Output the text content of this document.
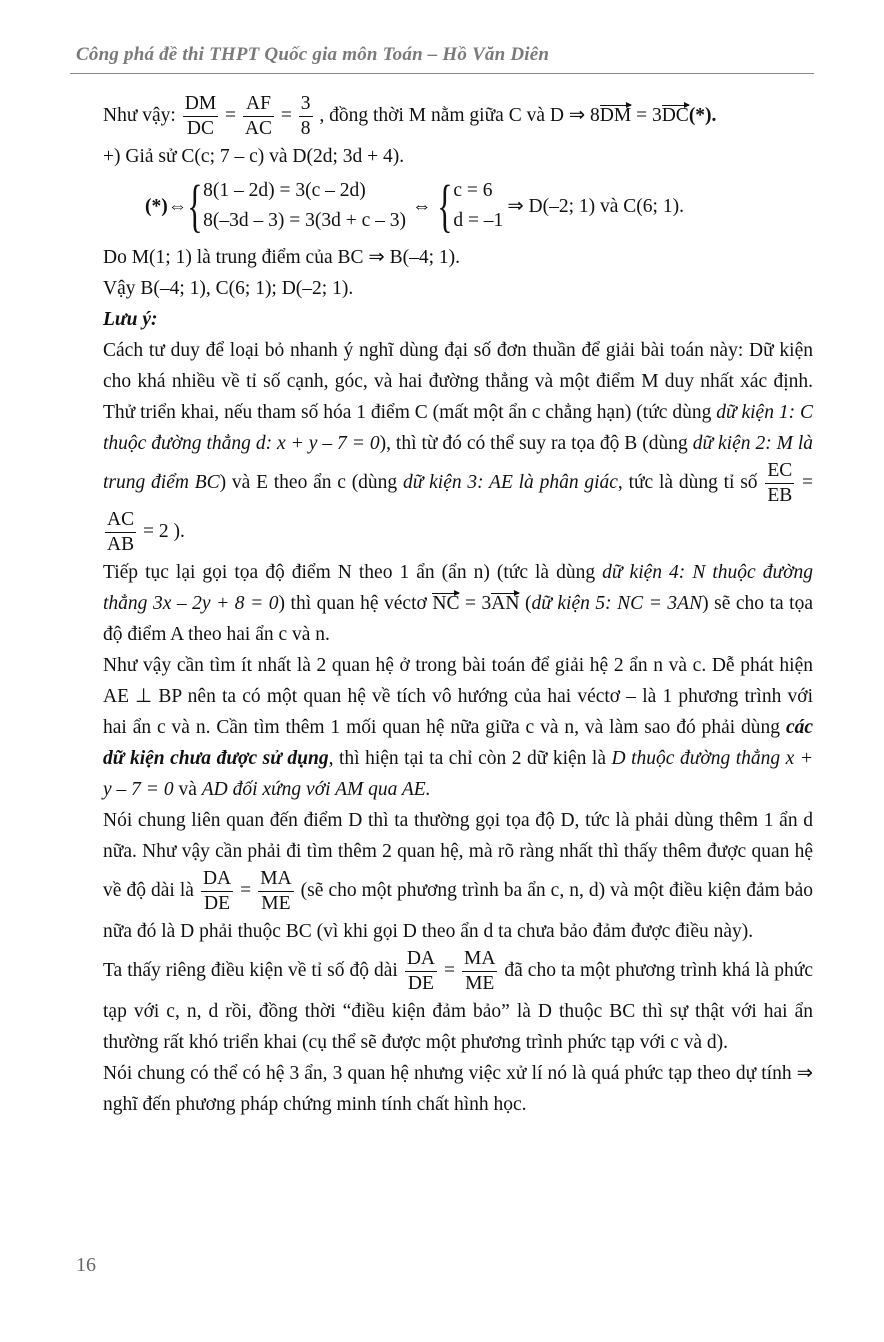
Công phá đề thi THPT Quốc gia môn Toán – Hồ Văn Diên

Như vậy: $\frac{DM}{DC} = \frac{AF}{AC} = \frac{3}{8}$ , đồng thời M nằm giữa C và D ⇒ 8DM = 3DC(*).

+) Giả sử C(c; 7 – c) và D(2d; 3d + 4).

(*)⇔ { 8(1 – 2d) = 3(c – 2d)
8(–3d – 3) = 3(3d + c – 3)
⇔ { c = 6
d = –1
⇒ D(–2; 1) và C(6; 1).

Do M(1; 1) là trung điểm của BC ⇒ B(–4; 1).

Vậy B(–4; 1), C(6; 1); D(–2; 1).

Lưu ý:

Cách tư duy để loại bỏ nhanh ý nghĩ dùng đại số đơn thuần để giải bài toán này: Dữ kiện cho khá nhiều về tỉ số cạnh, góc, và hai đường thẳng và một điểm M duy nhất xác định. Thử triển khai, nếu tham số hóa 1 điểm C (mất một ẩn c chẳng hạn) (tức dùng dữ kiện 1: C thuộc đường thẳng d: x + y – 7 = 0), thì từ đó có thể suy ra tọa độ B (dùng dữ kiện 2: M là trung điểm BC) và E theo ẩn c (dùng dữ kiện 3: AE là phân giác, tức là dùng tỉ số $\frac{EC}{EB}$ =
$\frac{AC}{AB} = 2$ ).

Tiếp tục lại gọi tọa độ điểm N theo 1 ẩn (ẩn n) (tức là dùng dữ kiện 4: N thuộc đường thẳng 3x – 2y + 8 = 0) thì quan hệ véctơ NC = 3AN (dữ kiện 5: NC = 3AN) sẽ cho ta tọa độ điểm A theo hai ẩn c và n.

Như vậy cần tìm ít nhất là 2 quan hệ ở trong bài toán để giải hệ 2 ẩn n và c. Dễ phát hiện AE ⊥ BP nên ta có một quan hệ về tích vô hướng của hai véctơ – là 1 phương trình với hai ẩn c và n. Cần tìm thêm 1 mối quan hệ nữa giữa c và n, và làm sao đó phải dùng các dữ kiện chưa được sử dụng, thì hiện tại ta chỉ còn 2 dữ kiện là D thuộc đường thẳng x + y – 7 = 0 và AD đối xứng với AM qua AE.

Nói chung liên quan đến điểm D thì ta thường gọi tọa độ D, tức là phải dùng thêm 1 ẩn d nữa. Như vậy cần phải đi tìm thêm 2 quan hệ, mà rõ ràng nhất thì thấy thêm được quan hệ về độ dài là $\frac{DA}{DE} = \frac{MA}{ME}$ (sẽ cho một phương trình ba ẩn c, n, d) và một điều kiện đảm bảo nữa đó là D phải thuộc BC (vì khi gọi D theo ẩn d ta chưa bảo đảm được điều này).

Ta thấy riêng điều kiện về tỉ số độ dài $\frac{DA}{DE} = \frac{MA}{ME}$ đã cho ta một phương trình khá là phức tạp với c, n, d rồi, đồng thời “điều kiện đảm bảo” là D thuộc BC thì sự thật với hai ẩn thường rất khó triển khai (cụ thể sẽ được một phương trình phức tạp với c và d).

Nói chung có thể có hệ 3 ẩn, 3 quan hệ nhưng việc xử lí nó là quá phức tạp theo dự tính ⇒ nghĩ đến phương pháp chứng minh tính chất hình học.

16
